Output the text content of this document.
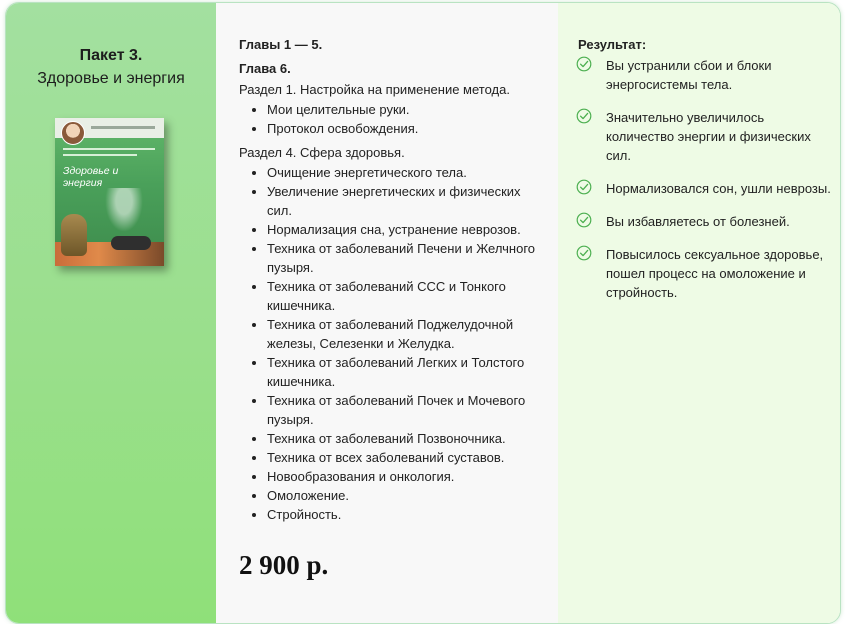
Пакет 3.
Здоровье и энергия
Здоровье и энергия

Главы 1 — 5.

Глава 6.

Раздел 1. Настройка на применение метода.

• Мои целительные руки.
• Протокол освобождения.

Раздел 4. Сфера здоровья.

• Очищение энергетического тела.
• Увеличение энергетических и физических сил.
• Нормализация сна, устранение неврозов.
• Техника от заболеваний Печени и Желчного пузыря.
• Техника от заболеваний ССС и Тонкого кишечника.
• Техника от заболеваний Поджелудочной железы, Селезенки и Желудка.
• Техника от заболеваний Легких и Толстого кишечника.
• Техника от заболеваний Почек и Мочевого пузыря.
• Техника от заболеваний Позвоночника.
• Техника от всех заболеваний суставов.
• Новообразования и онкология.
• Омоложение.
• Стройность.
2 900 р.

Результат:

Вы устранили сбои и блоки энергосистемы тела.
Значительно увеличилось количество энергии и физических сил.
Нормализовался сон, ушли неврозы.
Вы избавляетесь от болезней.
Повысилось сексуальное здоровье, пошел процесс на омоложение и стройность.
